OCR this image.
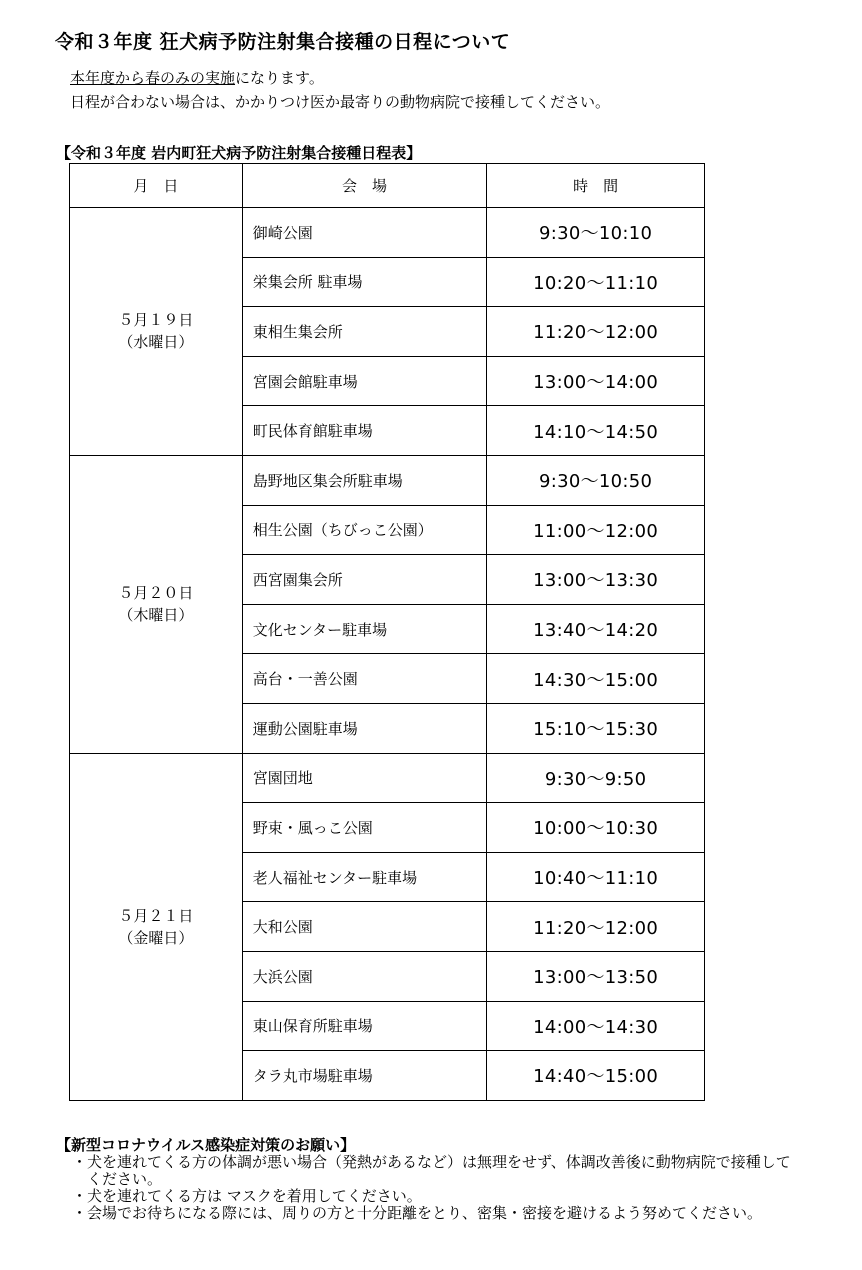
令和３年度 狂犬病予防注射集合接種の日程について
本年度から春のみの実施になります。
日程が合わない場合は、かかりつけ医か最寄りの動物病院で接種してください。
【令和３年度 岩内町狂犬病予防注射集合接種日程表】
月　日	会　場	時　間

５月１９日
（水曜日）	御崎公園	9:30～10:10
	栄集会所 駐車場	10:20～11:10
	東相生集会所	11:20～12:00
	宮園会館駐車場	13:00～14:00
	町民体育館駐車場	14:10～14:50

５月２０日
（木曜日）	島野地区集会所駐車場	9:30～10:50
	相生公園（ちびっこ公園）	11:00～12:00
	西宮園集会所	13:00～13:30
	文化センター駐車場	13:40～14:20
	高台・一善公園	14:30～15:00
	運動公園駐車場	15:10～15:30

５月２１日
（金曜日）	宮園団地	9:30～9:50
	野束・風っこ公園	10:00～10:30
	老人福祉センター駐車場	10:40～11:10
	大和公園	11:20～12:00
	大浜公園	13:00～13:50
	東山保育所駐車場	14:00～14:30
	タラ丸市場駐車場	14:40～15:00
【新型コロナウイルス感染症対策のお願い】
・ 犬を連れてくる方の体調が悪い場合（発熱があるなど）は無理をせず、体調改善後に動物病院で接種してください。
・ 犬を連れてくる方は マスクを着用してください。
・ 会場でお待ちになる際には、周りの方と十分距離をとり、密集・密接を避けるよう努めてください。
